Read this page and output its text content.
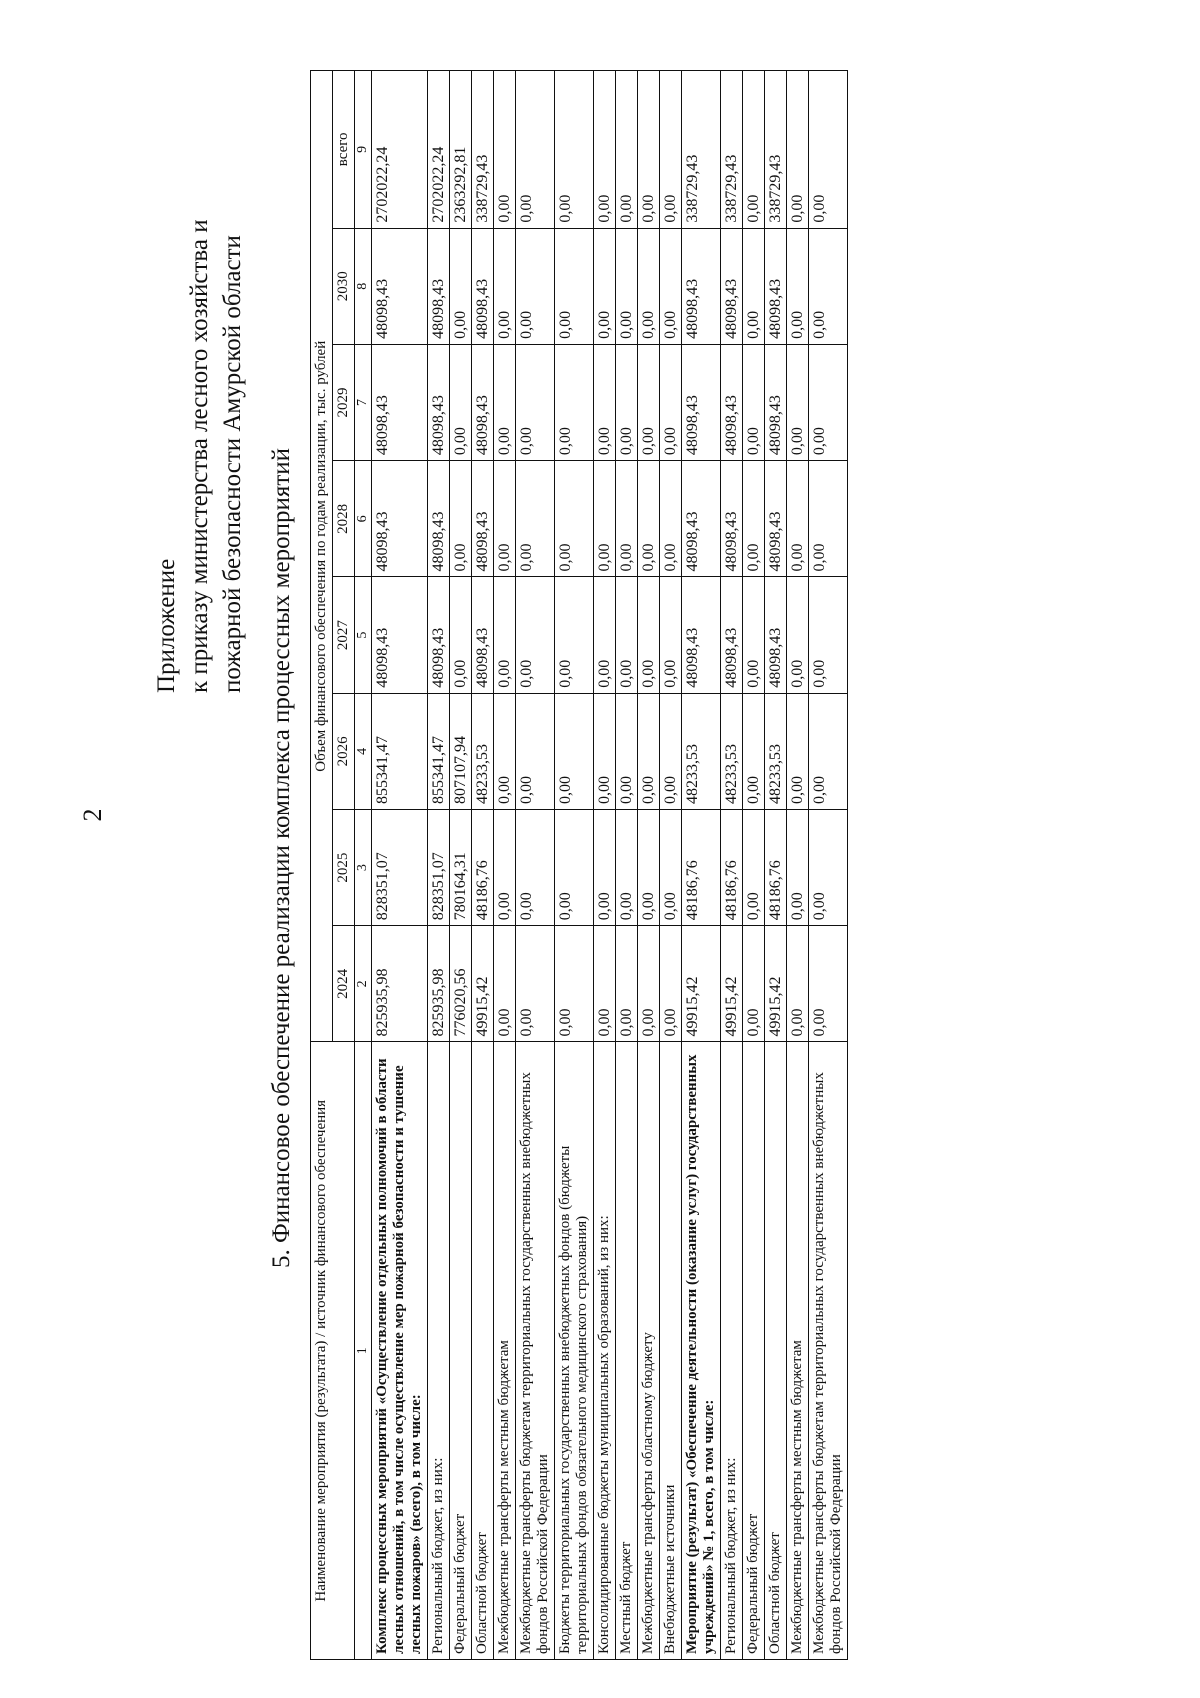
2
Приложение к приказу министерства лесного хозяйства и пожарной безопасности Амурской области 5. Финансовое обеспечение реализации комплекса процессных мероприятий
Наименование мероприятия (результата) / источник финансового обеспечения	Объем финансового обеспечения по годам реализации, тыс. рублей							
	2024	2025	2026	2027	2028	2029	2030	всего
1	2	3	4	5	6	7	8	9
Комплекс процессных мероприятий «Осуществление отдельных полномочий в области лесных отношений, в том числе осуществление мер пожарной безопасности и тушение лесных пожаров» (всего), в том числе:	825935,98	828351,07	855341,47	48098,43	48098,43	48098,43	48098,43	2702022,24
Региональный бюджет, из них:	825935,98	828351,07	855341,47	48098,43	48098,43	48098,43	48098,43	2702022,24
Федеральный бюджет	776020,56	780164,31	807107,94	0,00	0,00	0,00	0,00	2363292,81
Областной бюджет	49915,42	48186,76	48233,53	48098,43	48098,43	48098,43	48098,43	338729,43
Межбюджетные трансферты местным бюджетам	0,00	0,00	0,00	0,00	0,00	0,00	0,00	0,00
Межбюджетные трансферты бюджетам территориальных государственных внебюджетных фондов Российской Федерации	0,00	0,00	0,00	0,00	0,00	0,00	0,00	0,00
Бюджеты территориальных государственных внебюджетных фондов (бюджеты территориальных фондов обязательного медицинского страхования)	0,00	0,00	0,00	0,00	0,00	0,00	0,00	0,00
Консолидированные бюджеты муниципальных образований, из них:	0,00	0,00	0,00	0,00	0,00	0,00	0,00	0,00
Местный бюджет	0,00	0,00	0,00	0,00	0,00	0,00	0,00	0,00
Межбюджетные трансферты областному бюджету	0,00	0,00	0,00	0,00	0,00	0,00	0,00	0,00
Внебюджетные источники	0,00	0,00	0,00	0,00	0,00	0,00	0,00	0,00
Мероприятие (результат) «Обеспечение деятельности (оказание услуг) государственных учреждений» № 1, всего, в том числе:	49915,42	48186,76	48233,53	48098,43	48098,43	48098,43	48098,43	338729,43
Региональный бюджет, из них:	49915,42	48186,76	48233,53	48098,43	48098,43	48098,43	48098,43	338729,43
Федеральный бюджет	0,00	0,00	0,00	0,00	0,00	0,00	0,00	0,00
Областной бюджет	49915,42	48186,76	48233,53	48098,43	48098,43	48098,43	48098,43	338729,43
Межбюджетные трансферты местным бюджетам	0,00	0,00	0,00	0,00	0,00	0,00	0,00	0,00
Межбюджетные трансферты бюджетам территориальных государственных внебюджетных фондов Российской Федерации	0,00	0,00	0,00	0,00	0,00	0,00	0,00	0,00
